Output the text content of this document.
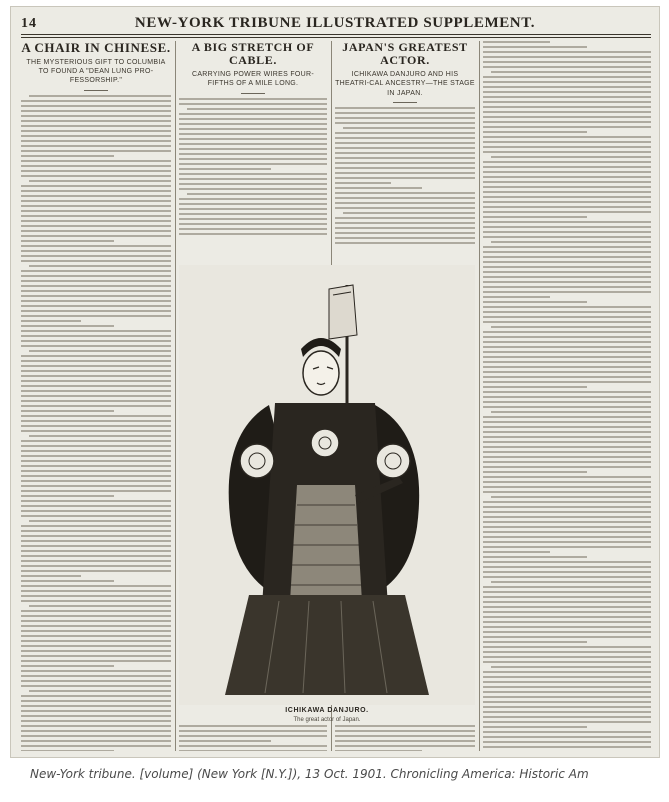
14	NEW-YORK TRIBUNE ILLUSTRATED SUPPLEMENT.
A CHAIR IN CHINESE.
THE MYSTERIOUS GIFT TO COLUMBIA TO FOUND A "DEAN LUNG PRO-FESSORSHIP."
A BIG STRETCH OF CABLE.
CARRYING POWER WIRES FOUR-FIFTHS OF A MILE LONG.
JAPAN'S GREATEST ACTOR.
ICHIKAWA DANJURO AND HIS THEATRI-CAL ANCESTRY—THE STAGE IN JAPAN.
ICHIKAWA DANJURO.
The great actor of Japan.
New-York tribune. [volume] (New York [N.Y.]), 13 Oct. 1901. Chronicling America: Historic Am
